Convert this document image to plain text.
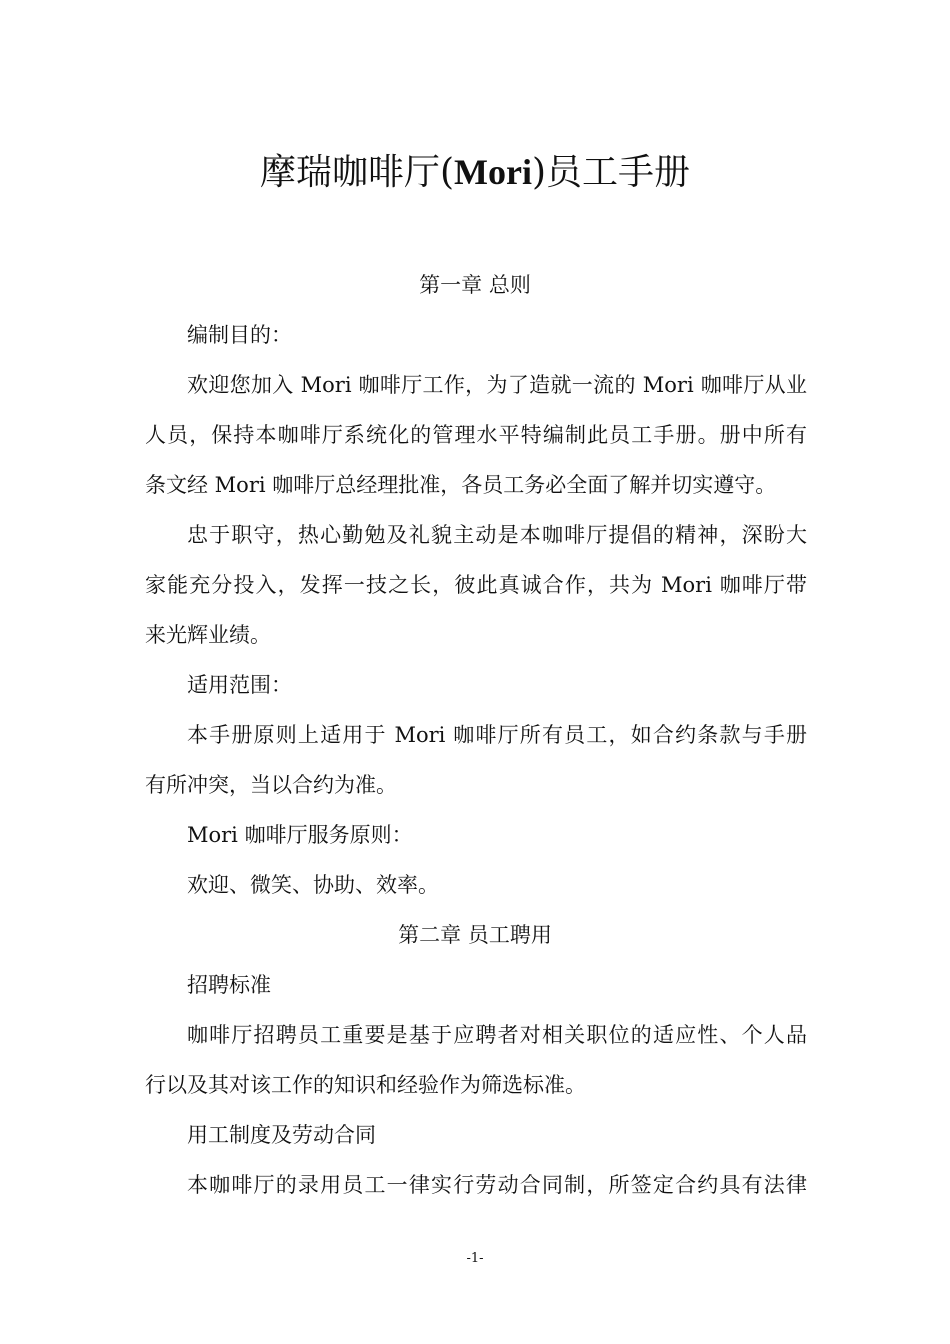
摩瑞咖啡厅(Mori)员工手册
第一章 总则
编制目的：
欢迎您加入 Mori 咖啡厅工作，为了造就一流的 Mori 咖啡厅从业
人员，保持本咖啡厅系统化的管理水平特编制此员工手册。册中所有
条文经 Mori 咖啡厅总经理批准，各员工务必全面了解并切实遵守。
忠于职守，热心勤勉及礼貌主动是本咖啡厅提倡的精神，深盼大
家能充分投入，发挥一技之长，彼此真诚合作，共为 Mori 咖啡厅带
来光辉业绩。
适用范围：
本手册原则上适用于 Mori 咖啡厅所有员工，如合约条款与手册
有所冲突，当以合约为准。
Mori 咖啡厅服务原则：
欢迎、微笑、协助、效率。
第二章 员工聘用
招聘标准
咖啡厅招聘员工重要是基于应聘者对相关职位的适应性、个人品
行以及其对该工作的知识和经验作为筛选标准。
用工制度及劳动合同
本咖啡厅的录用员工一律实行劳动合同制，所签定合约具有法律
-1-
